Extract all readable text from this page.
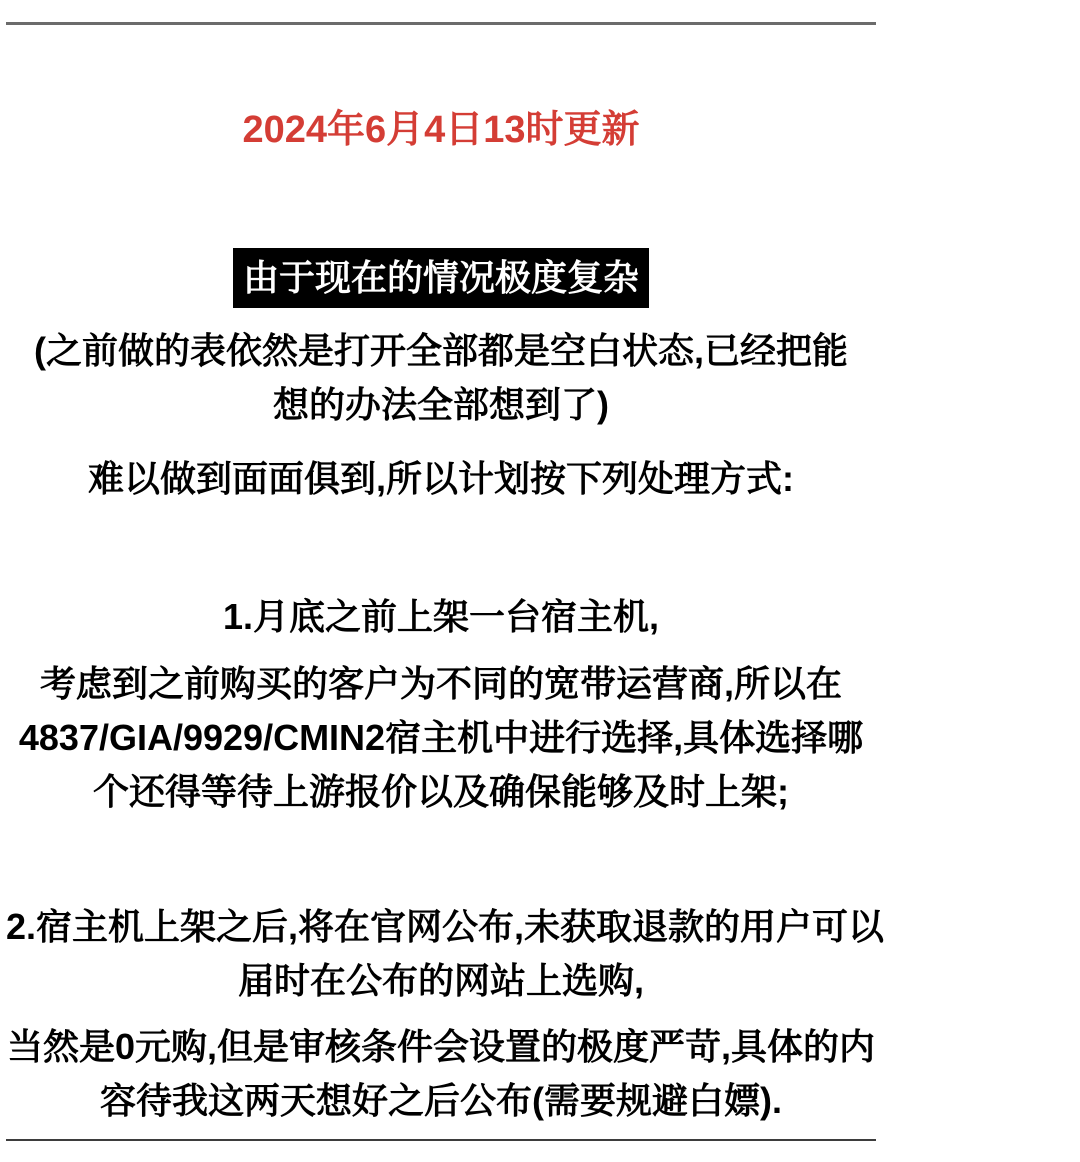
2024年6月4日13时更新
由于现在的情况极度复杂
(之前做的表依然是打开全部都是空白状态,已经把能
想的办法全部想到了)
难以做到面面俱到,所以计划按下列处理方式:
1.月底之前上架一台宿主机,
考虑到之前购买的客户为不同的宽带运营商,所以在
4837/GIA/9929/CMIN2宿主机中进行选择,具体选择哪
个还得等待上游报价以及确保能够及时上架;
2.宿主机上架之后,将在官网公布,未获取退款的用户可以
届时在公布的网站上选购,
当然是0元购,但是审核条件会设置的极度严苛,具体的内
容待我这两天想好之后公布(需要规避白嫖).
